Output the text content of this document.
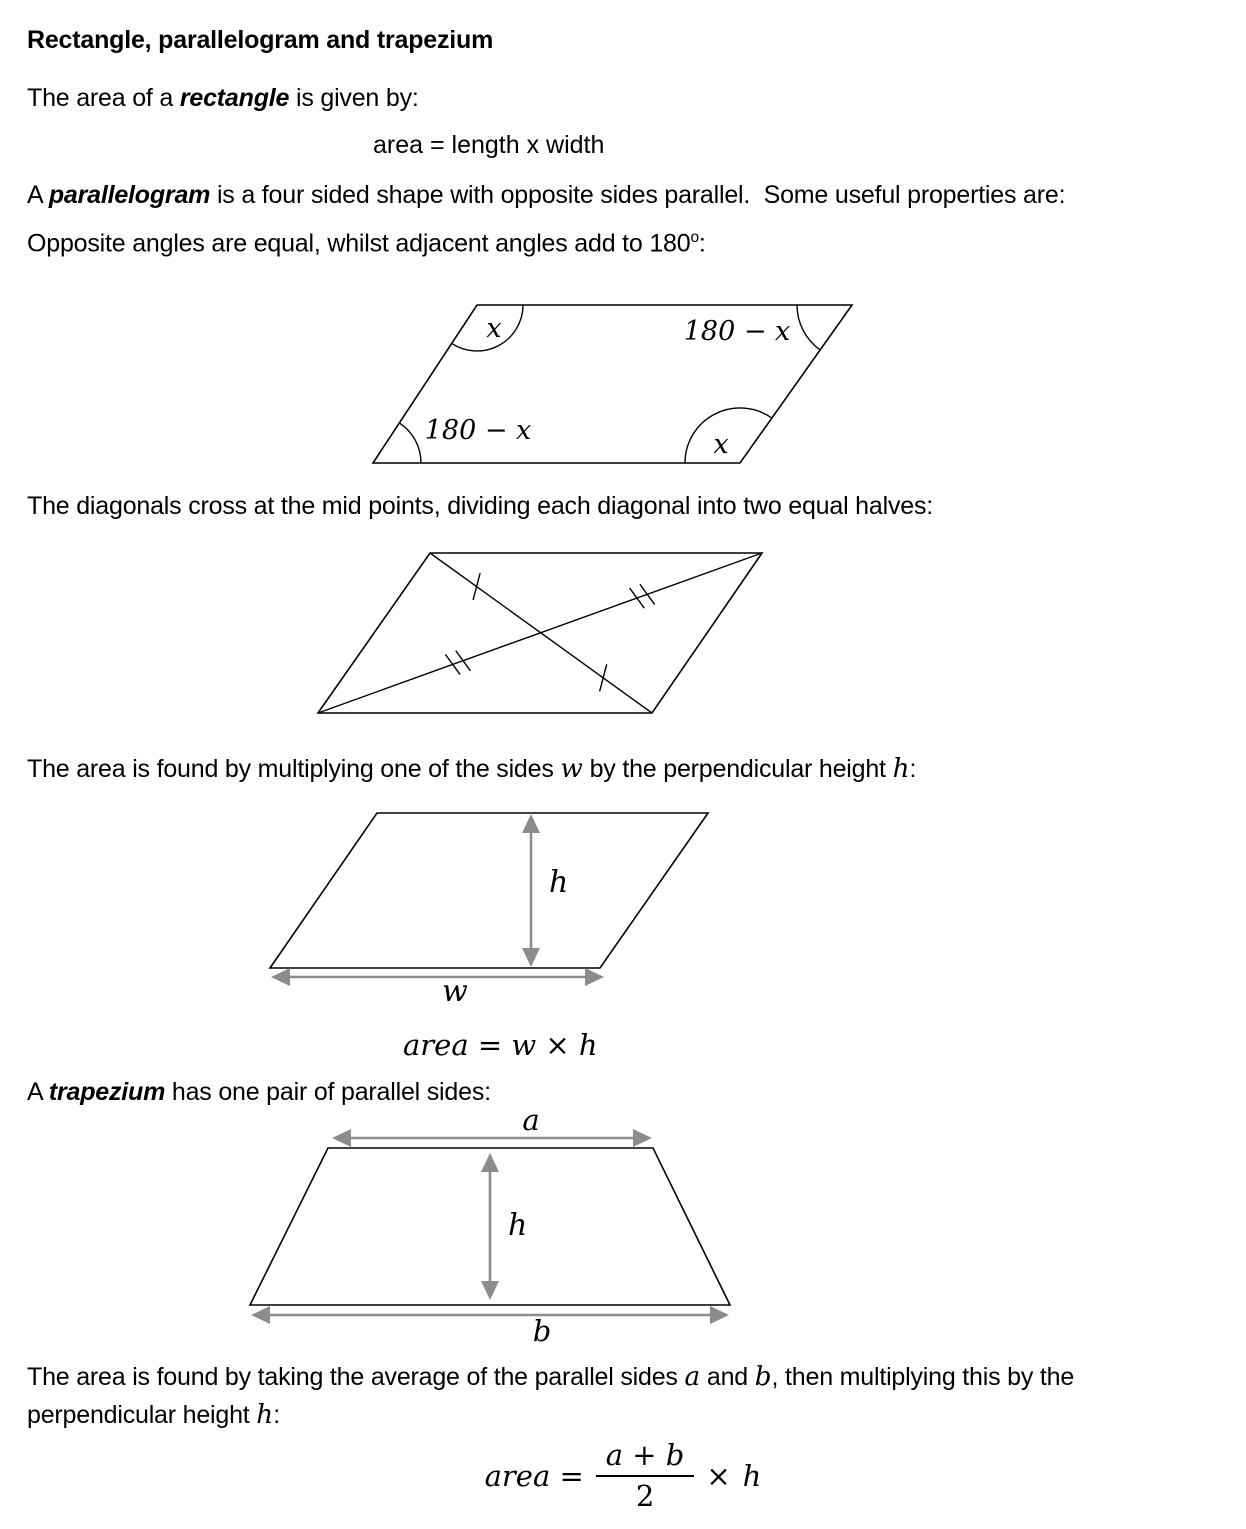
Rectangle, parallelogram and trapezium

The area of a rectangle is given by:

area = length x width

A parallelogram is a four sided shape with opposite sides parallel.  Some useful properties are:

Opposite angles are equal, whilst adjacent angles add to 180$^o$:

x	180 − x
180 − x	x
The diagonals cross at the mid points, dividing each diagonal into two equal halves:

The area is found by multiplying one of the sides w by the perpendicular height h:

h
w
area = w × h

A trapezium has one pair of parallel sides:

a
h
b

The area is found by taking the average of the parallel sides a and b, then multiplying this by the

perpendicular height h:

area = $\frac{a + b}{2} \times h$
